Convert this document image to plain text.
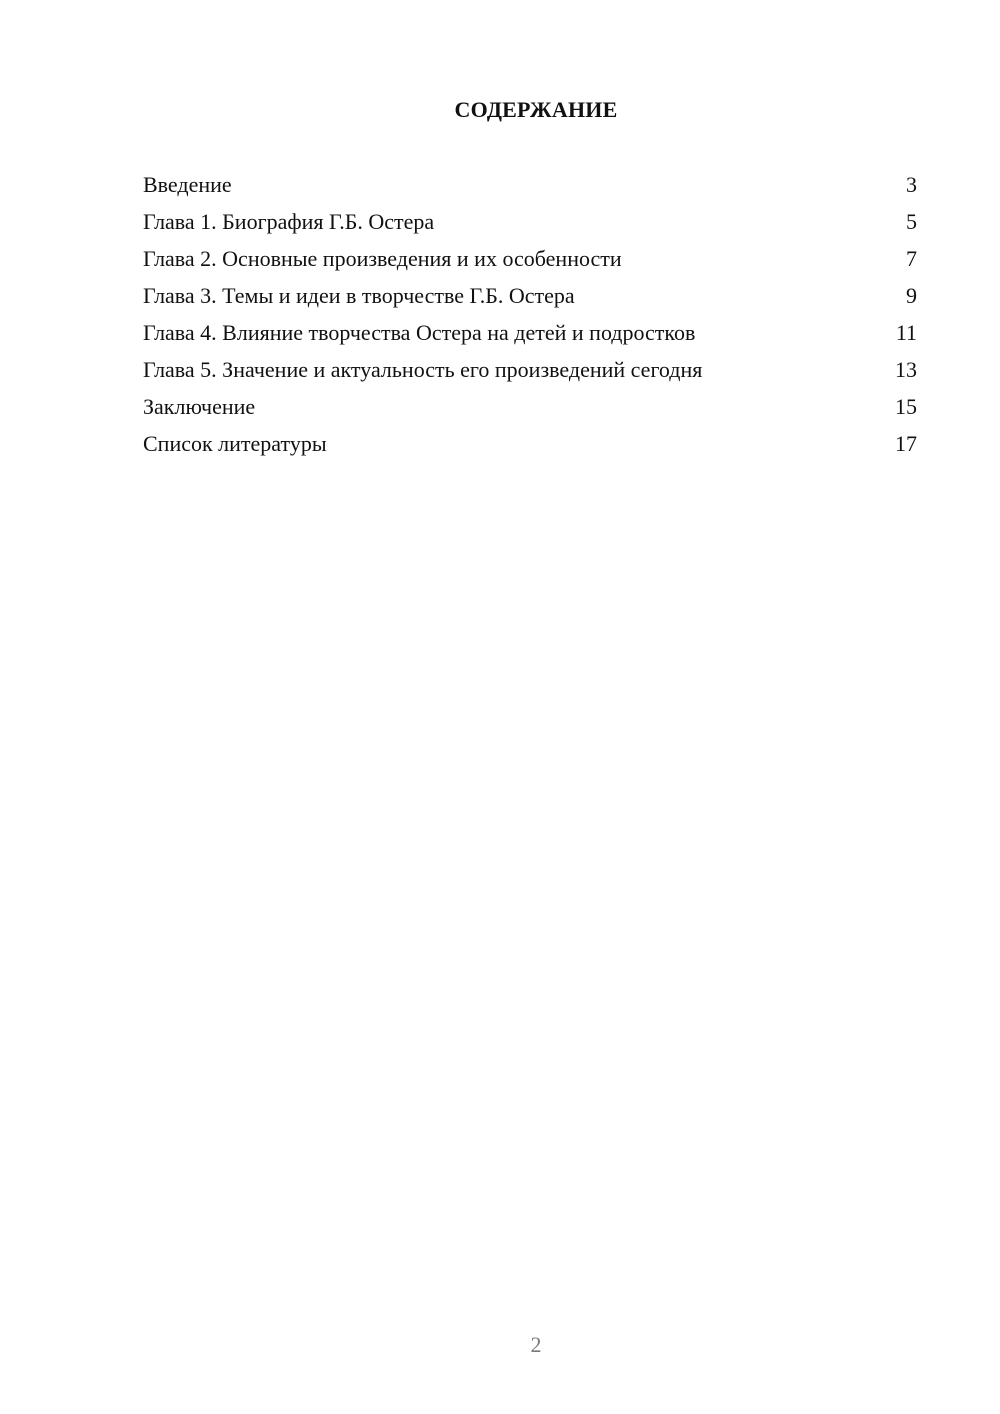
СОДЕРЖАНИЕ
Введение	3
Глава 1. Биография Г.Б. Остера	5
Глава 2. Основные произведения и их особенности	7
Глава 3. Темы и идеи в творчестве Г.Б. Остера	9
Глава 4. Влияние творчества Остера на детей и подростков	11
Глава 5. Значение и актуальность его произведений сегодня	13
Заключение	15
Список литературы	17
2
